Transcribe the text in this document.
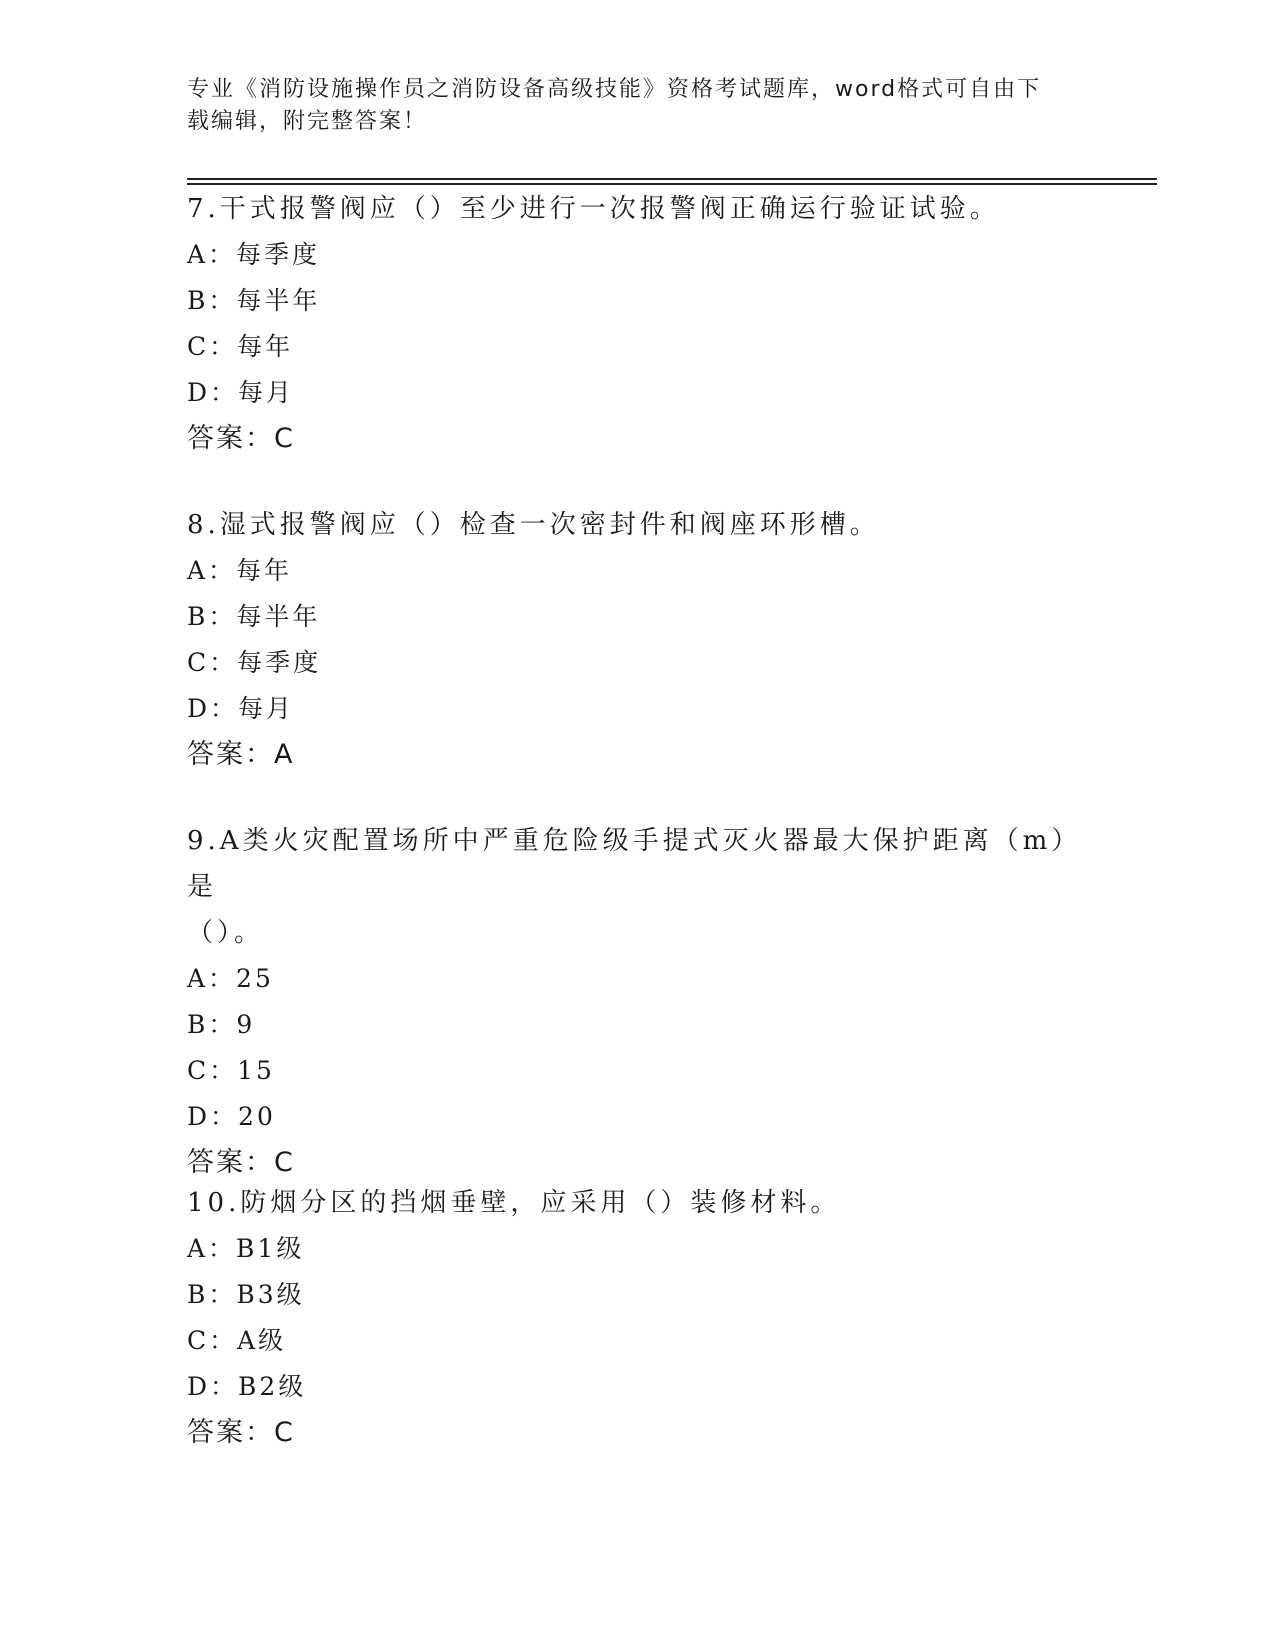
专业《消防设施操作员之消防设备高级技能》资格考试题库，word格式可自由下
载编辑，附完整答案！
7.干式报警阀应（）至少进行一次报警阀正确运行验证试验。
A：每季度
B：每半年
C：每年
D：每月
答案：C
8.湿式报警阀应（）检查一次密封件和阀座环形槽。
A：每年
B：每半年
C：每季度
D：每月
答案：A
9.A类火灾配置场所中严重危险级手提式灭火器最大保护距离（m）是
（）。
A：25
B：9
C：15
D：20
答案：C
10.防烟分区的挡烟垂壁，应采用（）装修材料。
A：B1级
B：B3级
C：A级
D：B2级
答案：C
